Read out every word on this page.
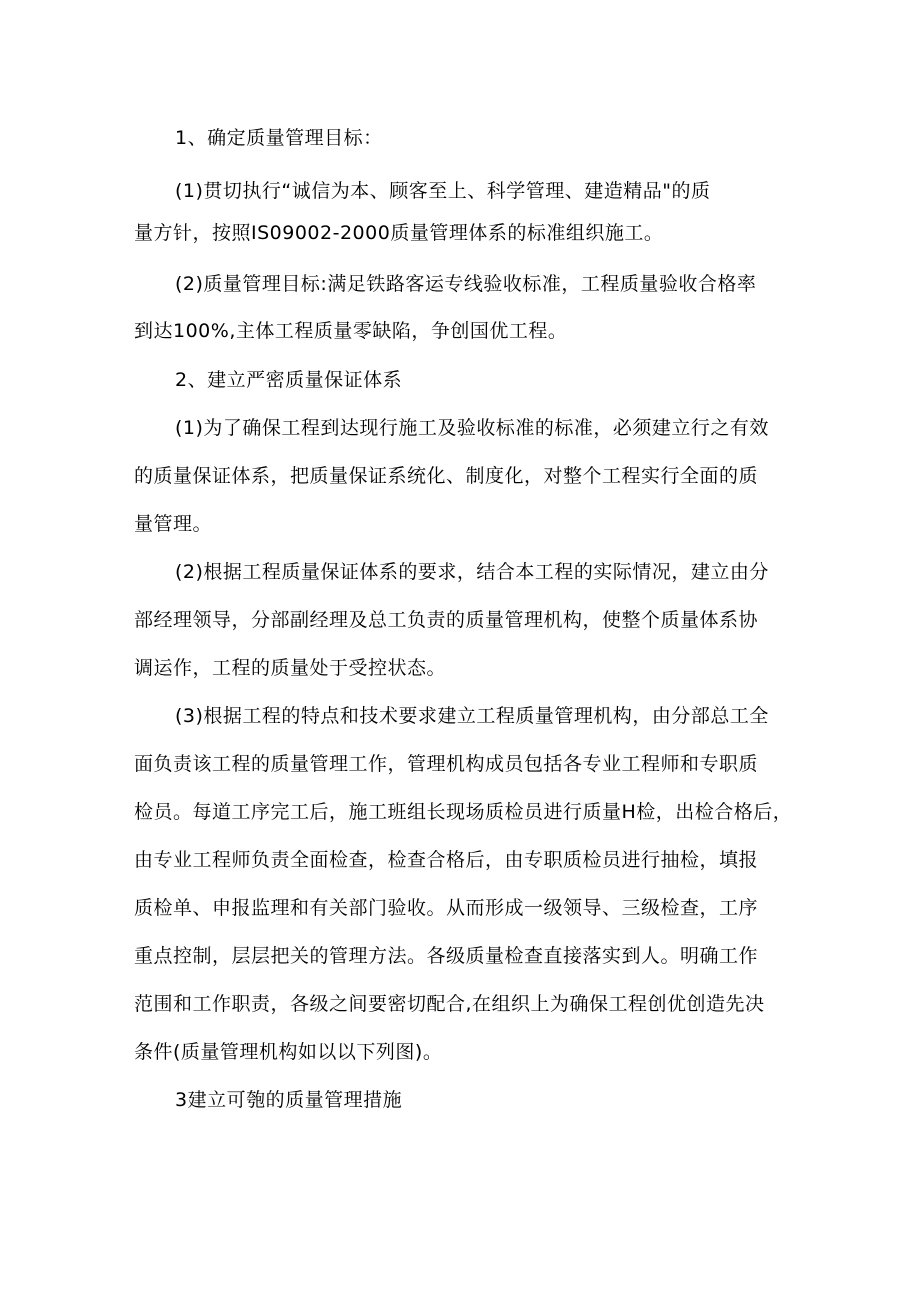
1、确定质量管理目标：
(1)贯切执行“诚信为本、顾客至上、科学管理、建造精品"的质
量方针，按照IS09002-2000质量管理体系的标准组织施工。
(2)质量管理目标:满足铁路客运专线验收标准，工程质量验收合格率
到达100%,主体工程质量零缺陷，争创国优工程。
2、建立严密质量保证体系
(1)为了确保工程到达现行施工及验收标准的标准，必须建立行之有效
的质量保证体系，把质量保证系统化、制度化，对整个工程实行全面的质
量管理。
(2)根据工程质量保证体系的要求，结合本工程的实际情况，建立由分
部经理领导，分部副经理及总工负责的质量管理机构，使整个质量体系协
调运作，工程的质量处于受控状态。
(3)根据工程的特点和技术要求建立工程质量管理机构，由分部总工全
面负责该工程的质量管理工作，管理机构成员包括各专业工程师和专职质
检员。每道工序完工后，施工班组长现场质检员进行质量H检，出检合格后，
由专业工程师负责全面检查，检查合格后，由专职质检员进行抽检，填报
质检单、申报监理和有关部门验收。从而形成一级领导、三级检查，工序
重点控制，层层把关的管理方法。各级质量检查直接落实到人。明确工作
范围和工作职责，各级之间要密切配合,在组织上为确保工程创优创造先决
条件(质量管理机构如以以下列图)。
3建立可匏的质量管理措施
